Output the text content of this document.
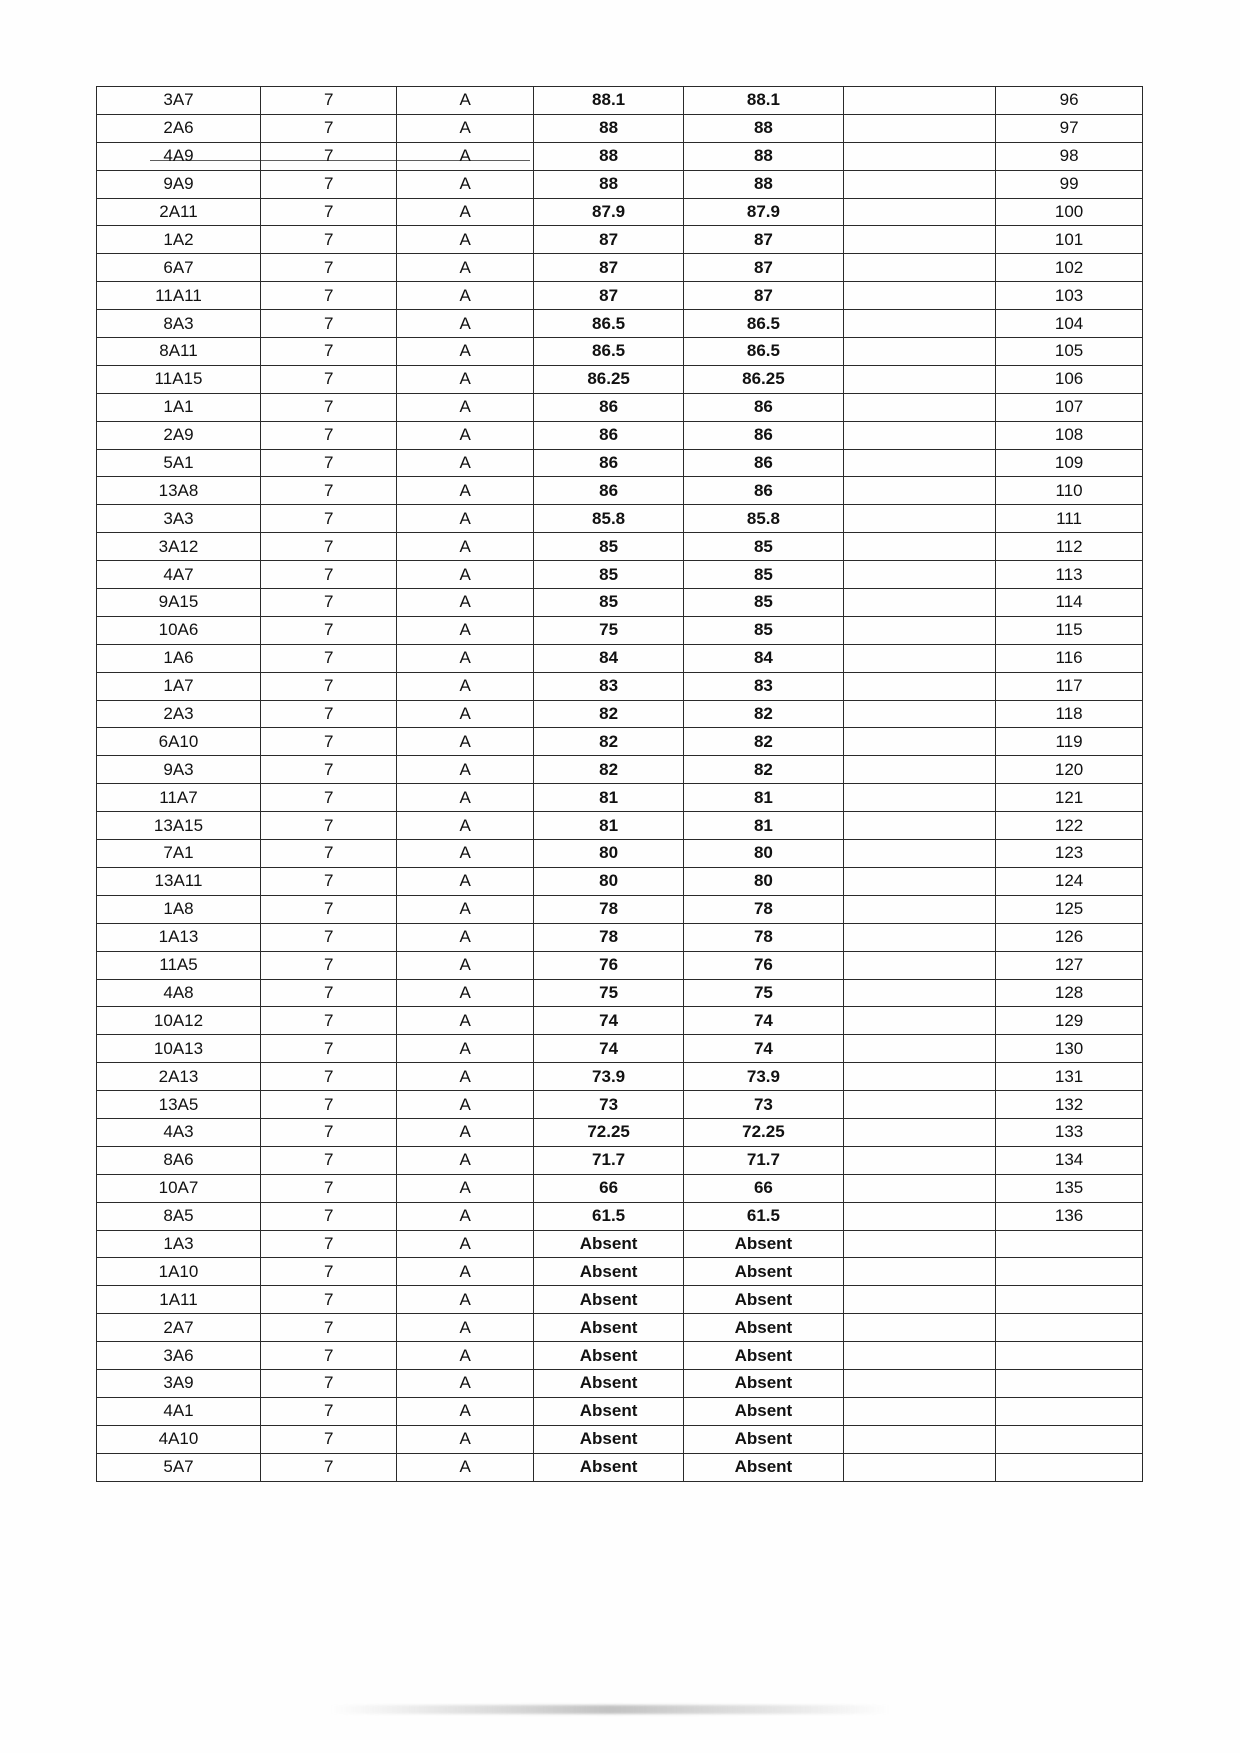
3A7	7	A	88.1	88.1		96
2A6	7	A	88	88		97
4A9	7	A	88	88		98
9A9	7	A	88	88		99
2A11	7	A	87.9	87.9		100
1A2	7	A	87	87		101
6A7	7	A	87	87		102
11A11	7	A	87	87		103
8A3	7	A	86.5	86.5		104
8A11	7	A	86.5	86.5		105
11A15	7	A	86.25	86.25		106
1A1	7	A	86	86		107
2A9	7	A	86	86		108
5A1	7	A	86	86		109
13A8	7	A	86	86		110
3A3	7	A	85.8	85.8		111
3A12	7	A	85	85		112
4A7	7	A	85	85		113
9A15	7	A	85	85		114
10A6	7	A	75	85		115
1A6	7	A	84	84		116
1A7	7	A	83	83		117
2A3	7	A	82	82		118
6A10	7	A	82	82		119
9A3	7	A	82	82		120
11A7	7	A	81	81		121
13A15	7	A	81	81		122
7A1	7	A	80	80		123
13A11	7	A	80	80		124
1A8	7	A	78	78		125
1A13	7	A	78	78		126
11A5	7	A	76	76		127
4A8	7	A	75	75		128
10A12	7	A	74	74		129
10A13	7	A	74	74		130
2A13	7	A	73.9	73.9		131
13A5	7	A	73	73		132
4A3	7	A	72.25	72.25		133
8A6	7	A	71.7	71.7		134
10A7	7	A	66	66		135
8A5	7	A	61.5	61.5		136
1A3	7	A	Absent	Absent		
1A10	7	A	Absent	Absent		
1A11	7	A	Absent	Absent		
2A7	7	A	Absent	Absent		
3A6	7	A	Absent	Absent		
3A9	7	A	Absent	Absent		
4A1	7	A	Absent	Absent		
4A10	7	A	Absent	Absent		
5A7	7	A	Absent	Absent		
